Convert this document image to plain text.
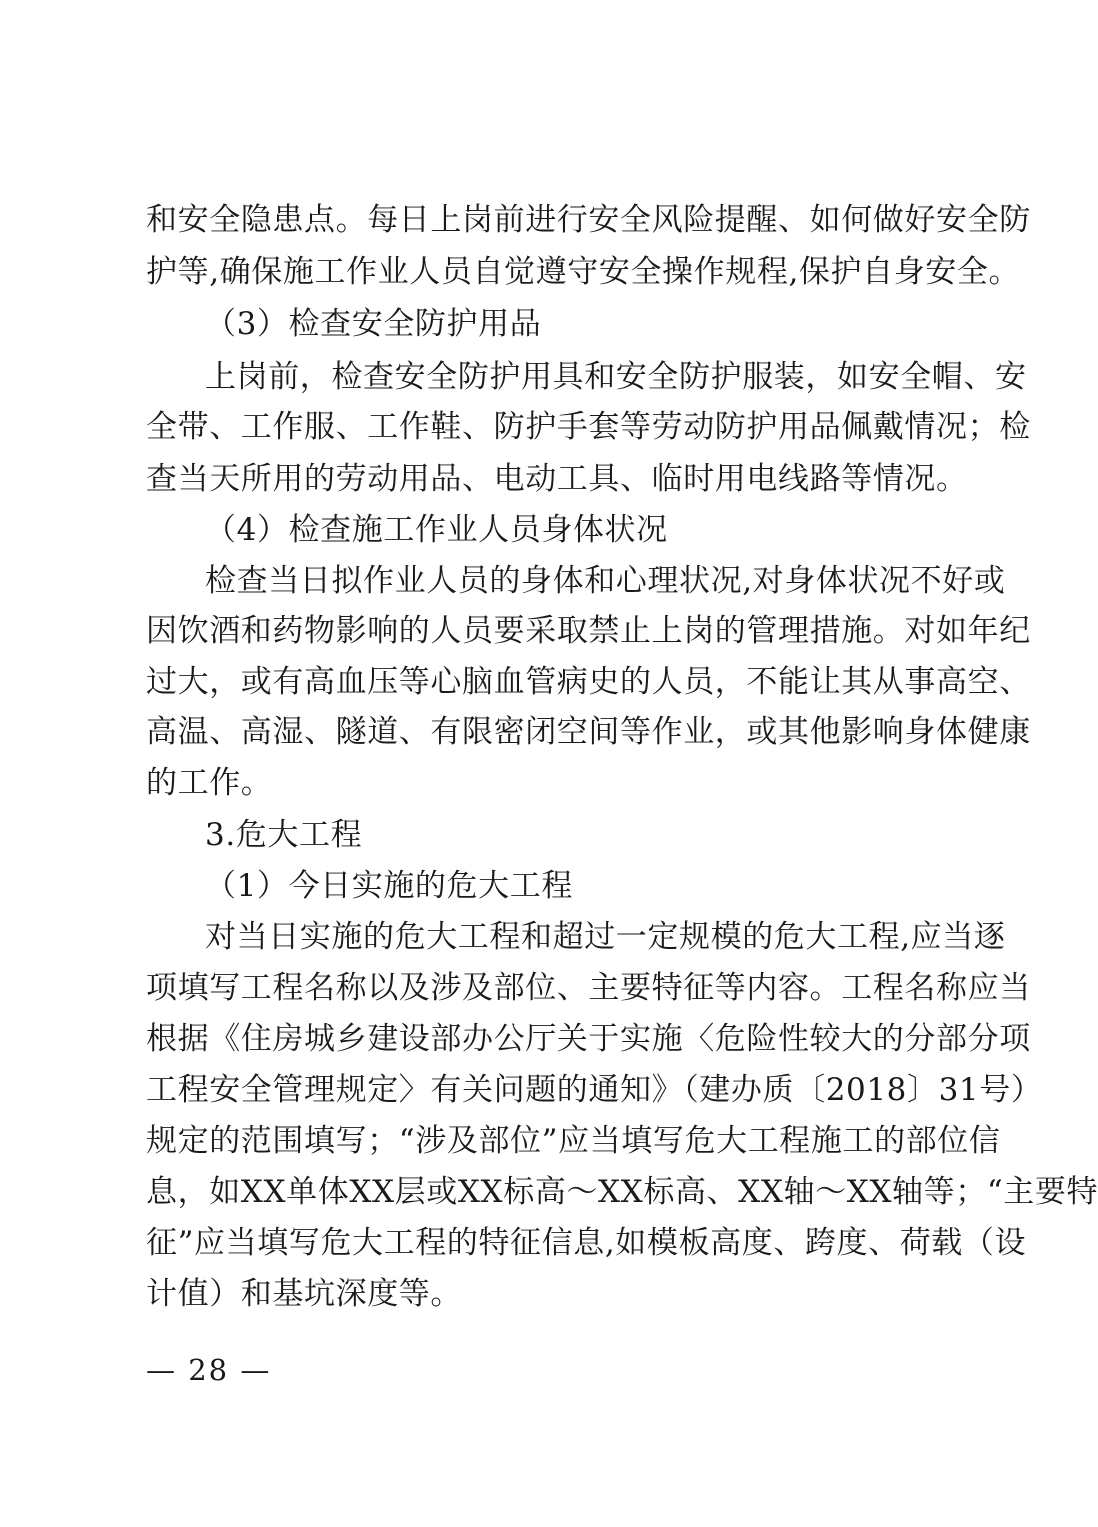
和安全隐患点。每日上岗前进行安全风险提醒、如何做好安全防
护等,确保施工作业人员自觉遵守安全操作规程,保护自身安全。
（3）检查安全防护用品
上岗前，检查安全防护用具和安全防护服装，如安全帽、安
全带、工作服、工作鞋、防护手套等劳动防护用品佩戴情况；检
查当天所用的劳动用品、电动工具、临时用电线路等情况。
（4）检查施工作业人员身体状况
检查当日拟作业人员的身体和心理状况,对身体状况不好或
因饮酒和药物影响的人员要采取禁止上岗的管理措施。对如年纪
过大，或有高血压等心脑血管病史的人员，不能让其从事高空、
高温、高湿、隧道、有限密闭空间等作业，或其他影响身体健康
的工作。
3.危大工程
（1）今日实施的危大工程
对当日实施的危大工程和超过一定规模的危大工程,应当逐
项填写工程名称以及涉及部位、主要特征等内容。工程名称应当
根据《住房城乡建设部办公厅关于实施〈危险性较大的分部分项
工程安全管理规定〉有关问题的通知》（建办质〔2018〕31号）
规定的范围填写；“涉及部位”应当填写危大工程施工的部位信
息，如XX单体XX层或XX标高～XX标高、XX轴～XX轴等；“主要特
征”应当填写危大工程的特征信息,如模板高度、跨度、荷载（设
计值）和基坑深度等。
— 28 —
